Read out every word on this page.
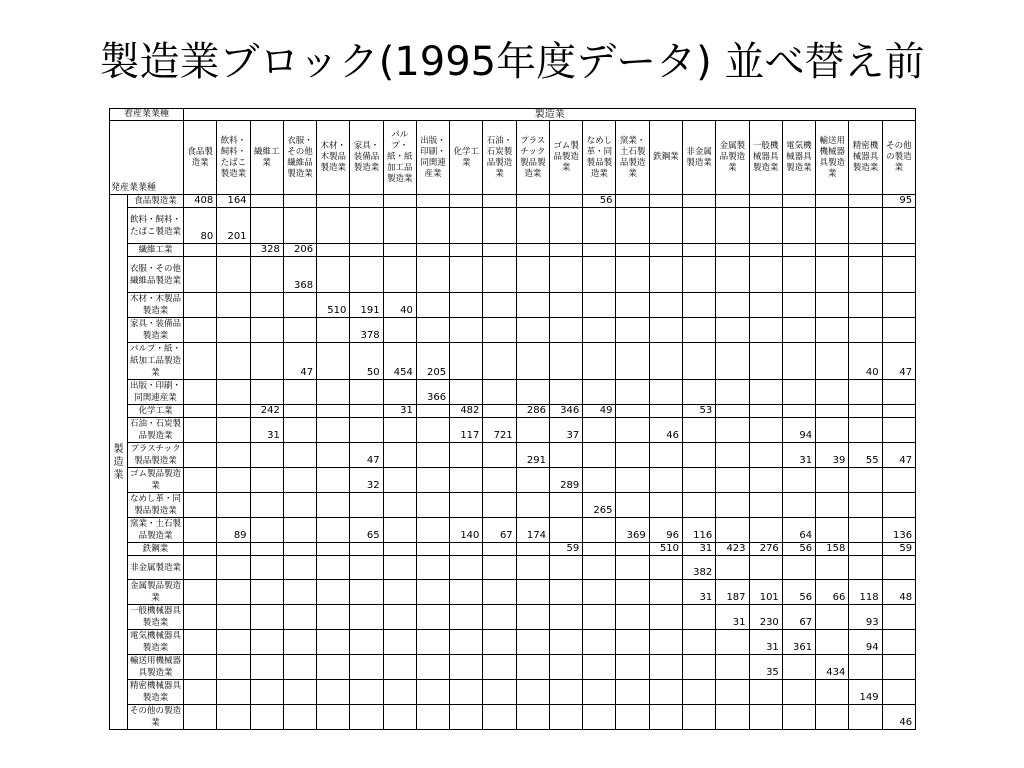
製造業ブロック(1995年度データ) 並べ替え前
着産業業種		製造業																					
発産業業種		食品製造業	飲料・飼料・たばこ製造業	繊維工業	衣服・その他繊維品製造業	木材・木製品製造業	家具・装備品製造業	パルプ・紙・紙加工品製造業	出版・印刷・同関連産業	化学工業	石油・石炭製品製造業	プラスチック製品製造業	ゴム製品製造業	なめし革・同製品製造業	窯業・土石製品製造業	鉄鋼業	非金属製造業	金属製品製造業	一般機械器具製造業	電気機械器具製造業	輸送用機械器具製造業	精密機械器具製造業	その他の製造業
製造業	食品製造業	408	164											56									95
	飲料・飼料・たばこ製造業	80	201																				
	繊維工業			328	206																		
	衣服・その他繊維品製造業				368																		
	木材・木製品製造業					510	191	40															
	家具・装備品製造業						378																
	パルプ・紙・紙加工品製造業				47		50	454	205													40	47
	出版・印刷・同関連産業								366														
	化学工業			242				31		482		286	346	49			53						
	石油・石炭製品製造業			31						117	721		37			46				94			
	プラスチック製品製造業						47					291								31	39	55	47
	ゴム製品製造業						32						289										
	なめし革・同製品製造業													265									
	窯業・土石製品製造業		89				65			140	67	174			369	96	116			64			136
	鉄鋼業												59			510	31	423	276	56	158		59
	非金属製造業																382						
	金属製品製造業																31	187	101	56	66	118	48
	一般機械器具製造業																	31	230	67		93	
	電気機械器具製造業																		31	361		94	
	輸送用機械器具製造業																		35		434		
	精密機械器具製造業																					149	
	その他の製造業																						46
